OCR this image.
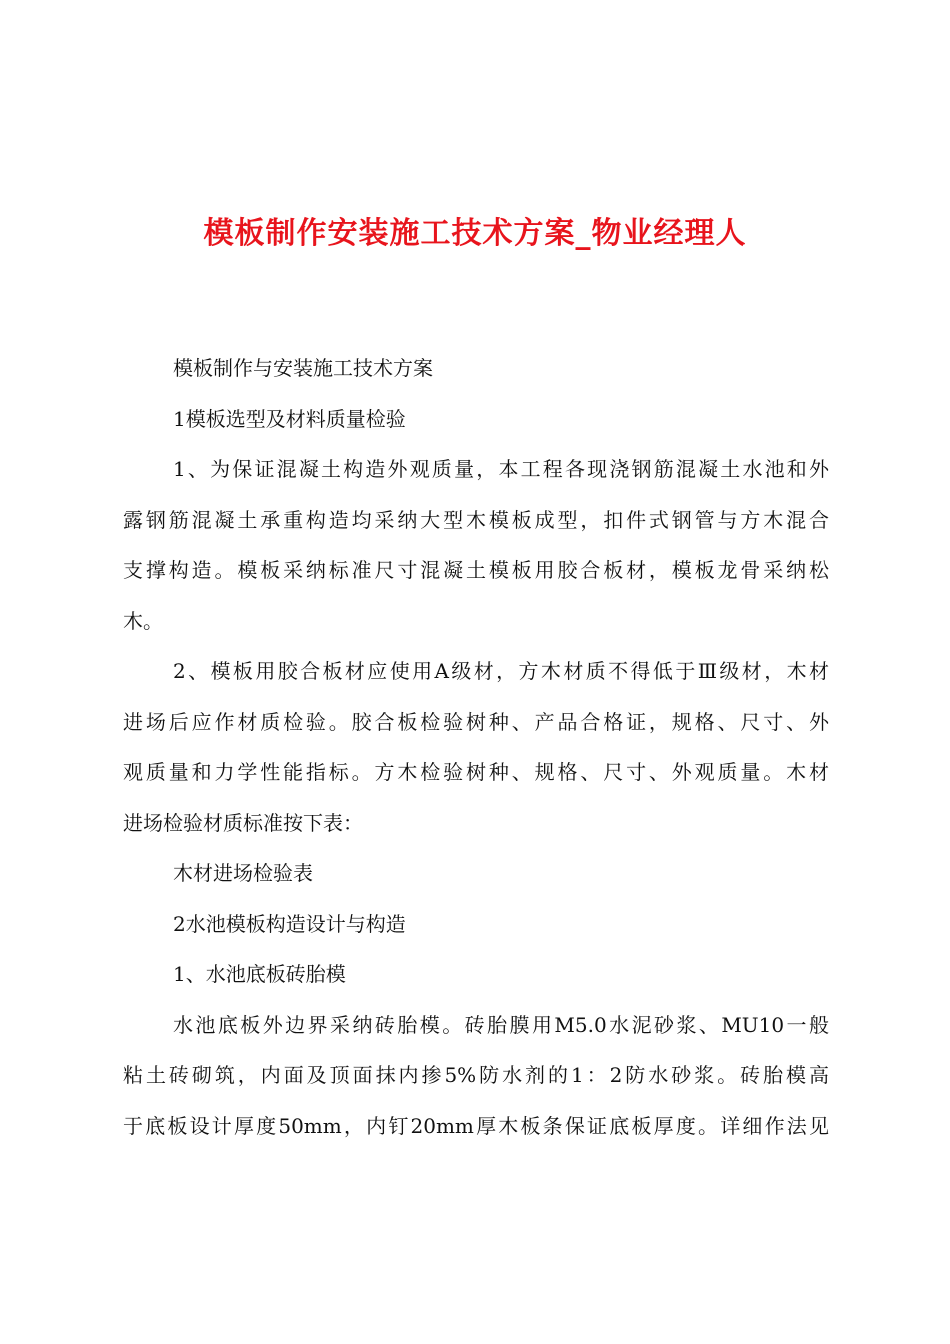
模板制作安装施工技术方案_物业经理人

模板制作与安装施工技术方案

1模板选型及材料质量检验

1、为保证混凝土构造外观质量，本工程各现浇钢筋混凝土水池和外

露钢筋混凝土承重构造均采纳大型木模板成型，扣件式钢管与方木混合

支撑构造。模板采纳标准尺寸混凝土模板用胶合板材，模板龙骨采纳松

木。

2、模板用胶合板材应使用A级材，方木材质不得低于Ⅲ级材，木材

进场后应作材质检验。胶合板检验树种、产品合格证，规格、尺寸、外

观质量和力学性能指标。方木检验树种、规格、尺寸、外观质量。木材

进场检验材质标准按下表：

木材进场检验表

2水池模板构造设计与构造

1、水池底板砖胎模

水池底板外边界采纳砖胎模。砖胎膜用M5.0水泥砂浆、MU10一般

粘土砖砌筑，内面及顶面抹内掺5%防水剂的1：2防水砂浆。砖胎模高

于底板设计厚度50mm，内钉20mm厚木板条保证底板厚度。详细作法见
